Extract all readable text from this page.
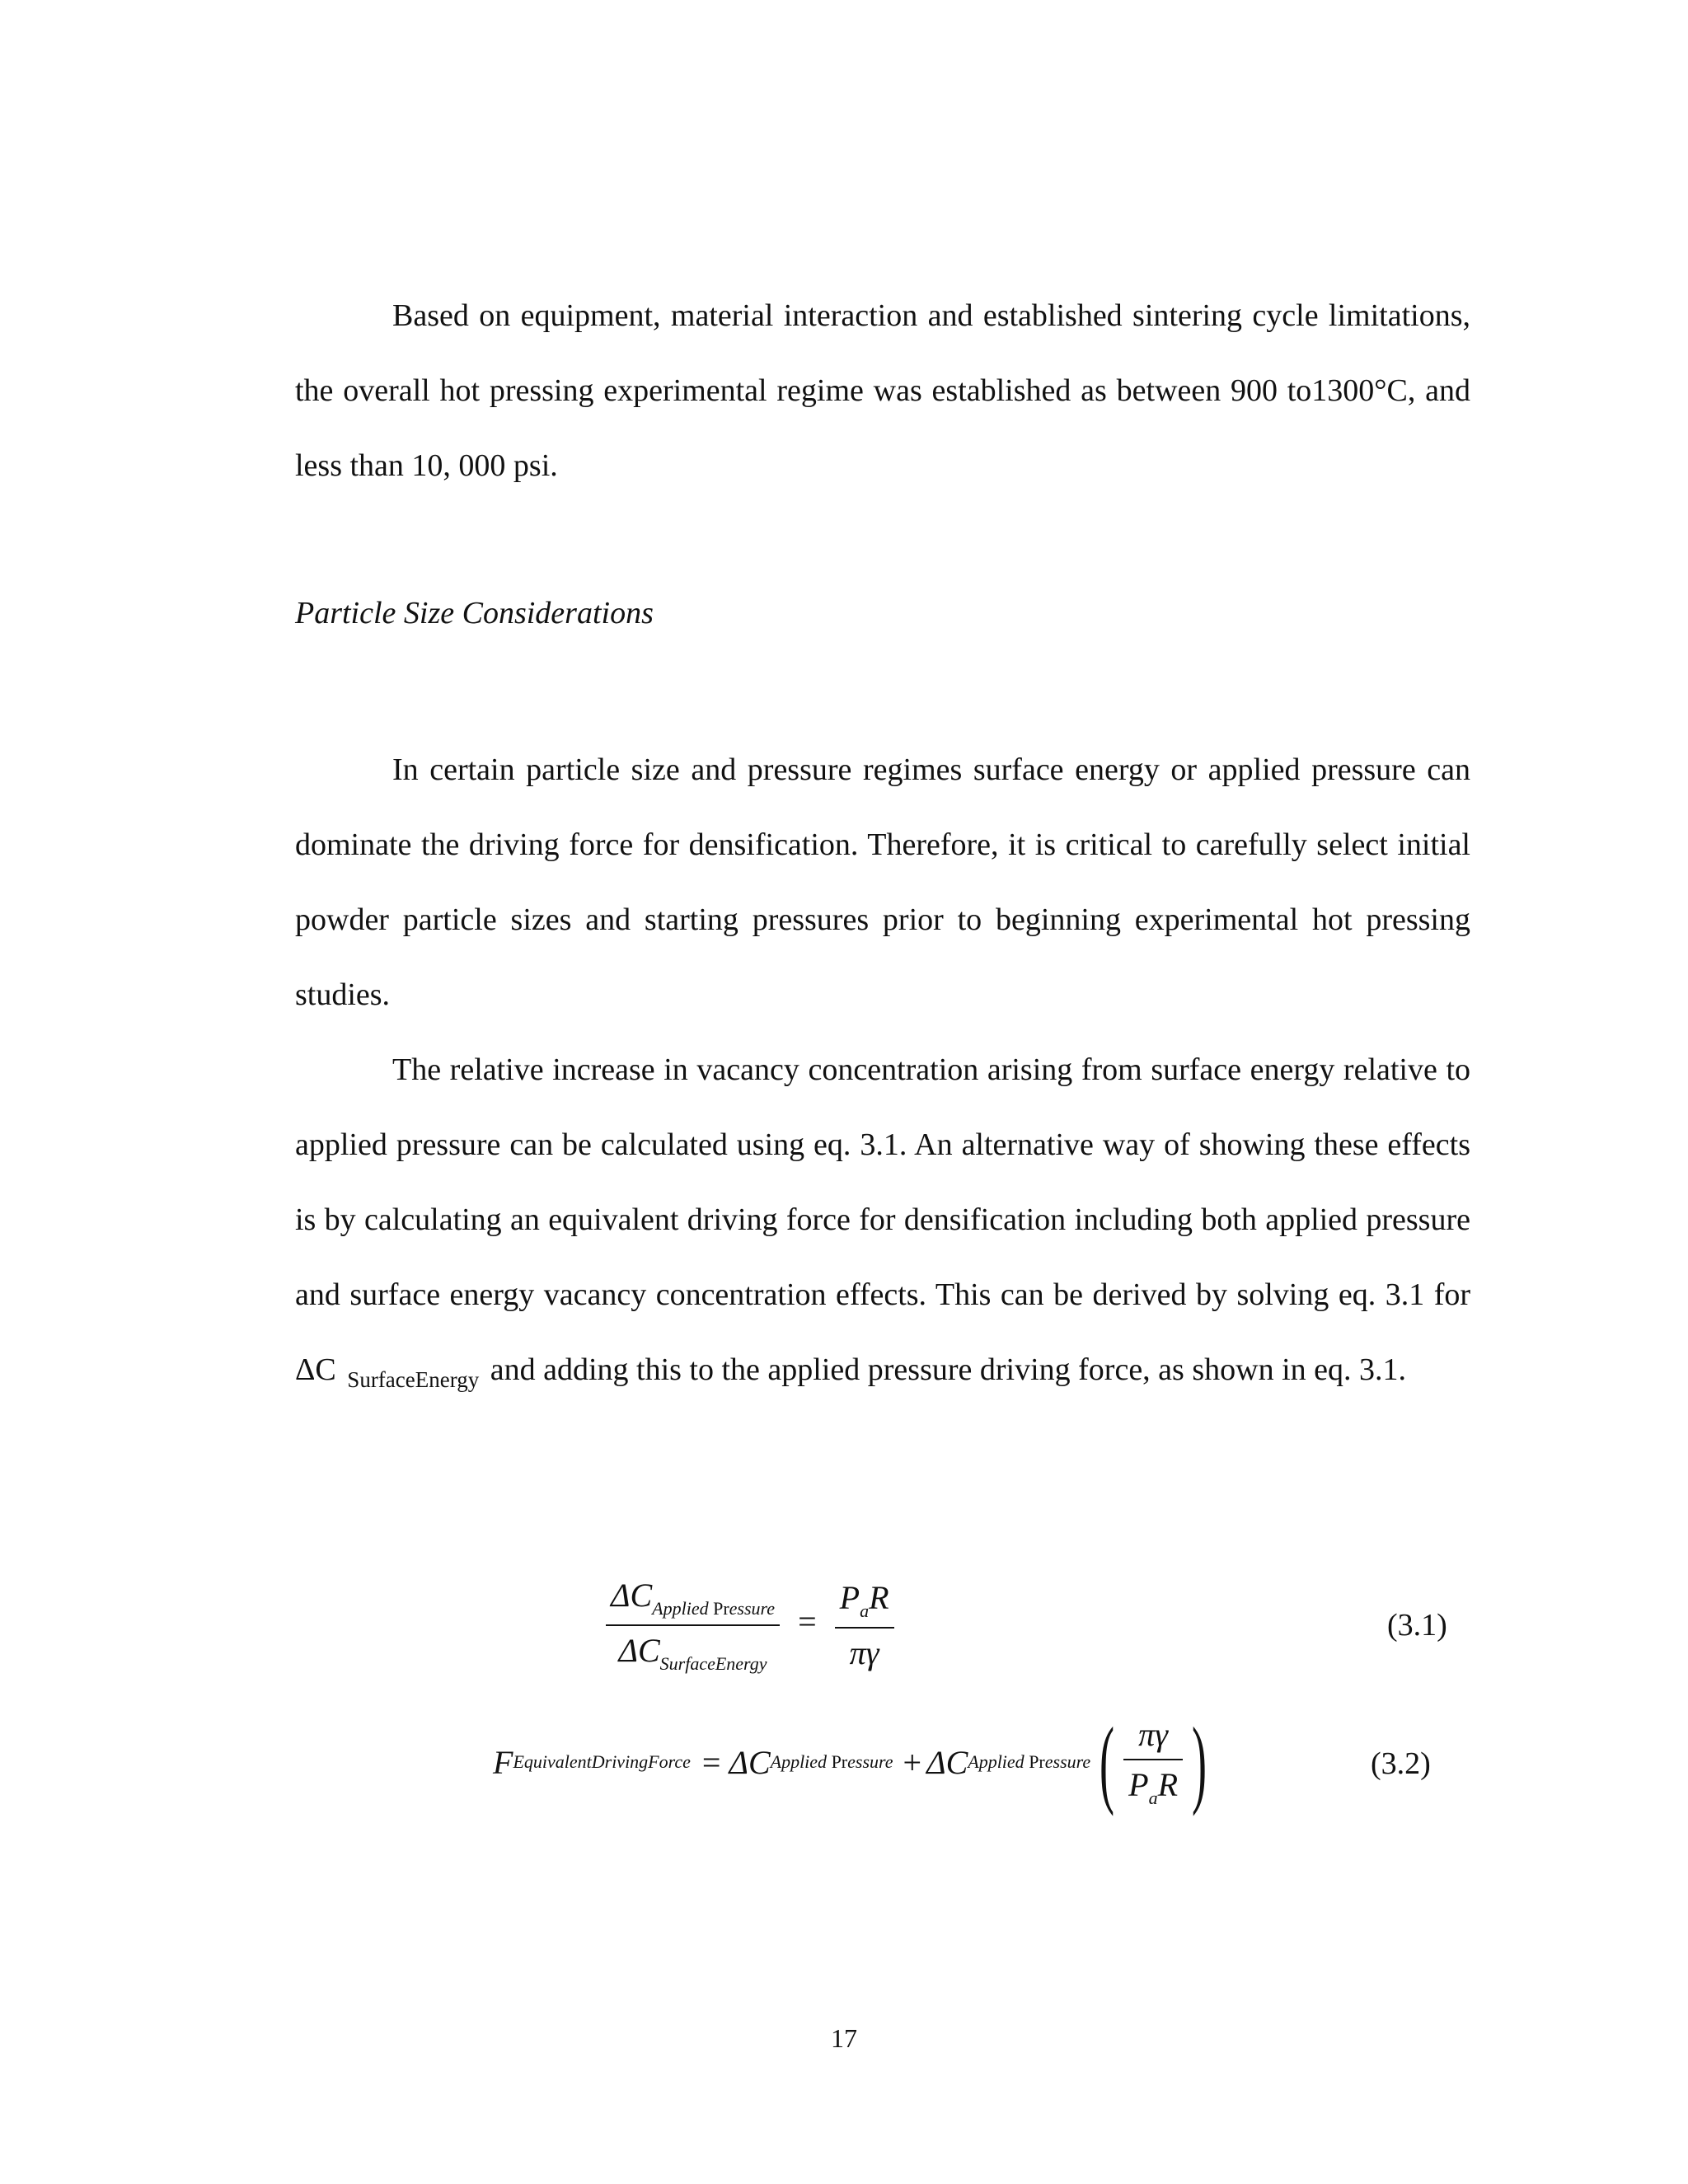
Based on equipment, material interaction and established sintering cycle limitations, the overall hot pressing experimental regime was established as between 900 to1300°C, and less than 10, 000 psi.

Particle Size Considerations

In certain particle size and pressure regimes surface energy or applied pressure can dominate the driving force for densification. Therefore, it is critical to carefully select initial powder particle sizes and starting pressures prior to beginning experimental hot pressing studies.

The relative increase in vacancy concentration arising from surface energy relative to applied pressure can be calculated using eq. 3.1. An alternative way of showing these effects is by calculating an equivalent driving force for densification including both applied pressure and surface energy vacancy concentration effects. This can be derived by solving eq. 3.1 for ΔC $_{SurfaceEnergy}$ and adding this to the applied pressure driving force, as shown in eq. 3.1.

$\frac{\Delta C_{Applied Pressure}}{\Delta C_{SurfaceEnergy}} = \frac{P_aR}{\pi\gamma}$	(3.1)
F EquivalentDrivingForce = ΔC Applied Pressure + ΔC Applied Pressure ( $\frac{\pi\gamma}{P_aR}$ )	(3.2)
17
